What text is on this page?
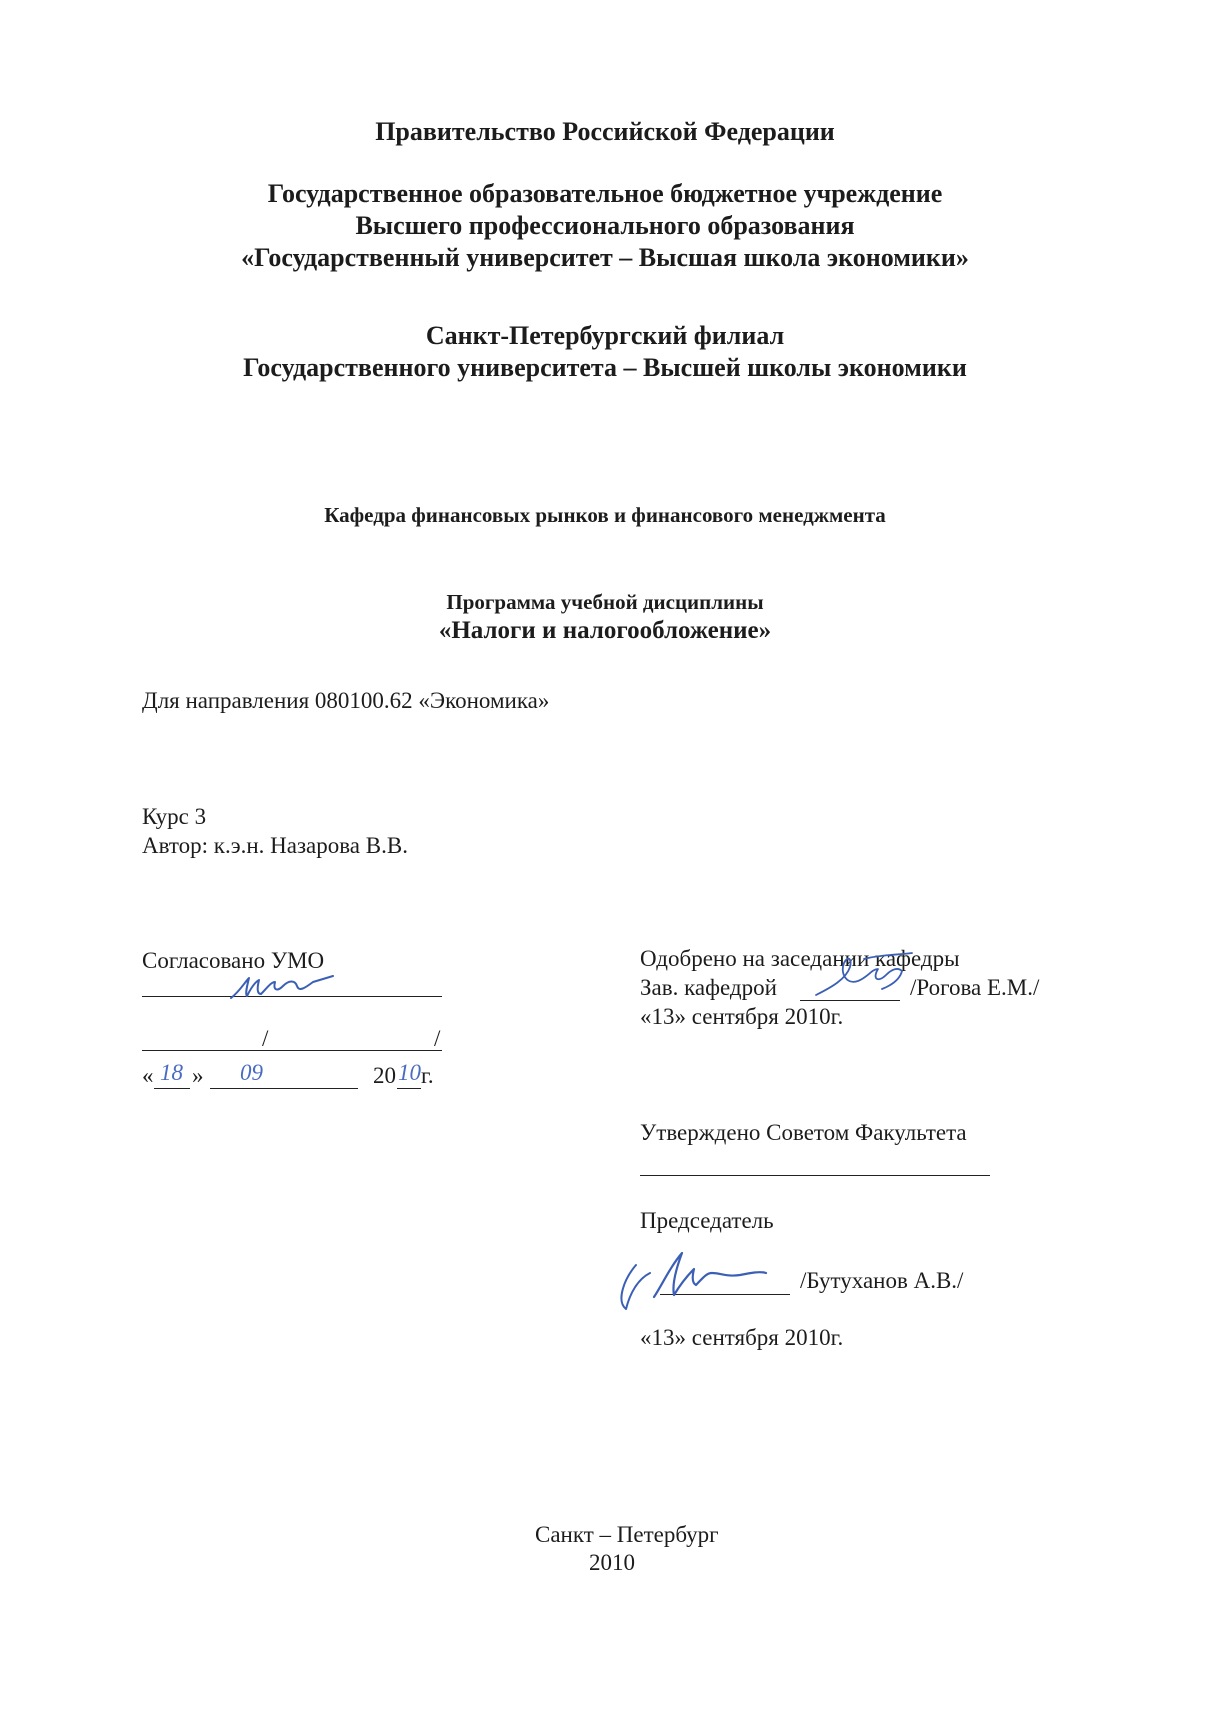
Правительство Российской Федерации
Государственное образовательное бюджетное учреждение
Высшего профессионального образования
«Государственный университет – Высшая школа экономики»
Санкт-Петербургский филиал
Государственного университета – Высшей школы экономики
Кафедра финансовых рынков и финансового менеджмента
Программа учебной дисциплины
«Налоги и налогообложение»
Для направления 080100.62 «Экономика»
Курс 3
Автор: к.э.н. Назарова В.В.
Согласовано УМО
/	/
« 18 » 09	20 10 г.
Одобрено на заседании кафедры
Зав. кафедрой	/Рогова Е.М./
«13» сентября 2010г.
Утверждено Советом Факультета
Председатель
/Бутуханов А.В./
«13» сентября 2010г.
Санкт – Петербург
2010
